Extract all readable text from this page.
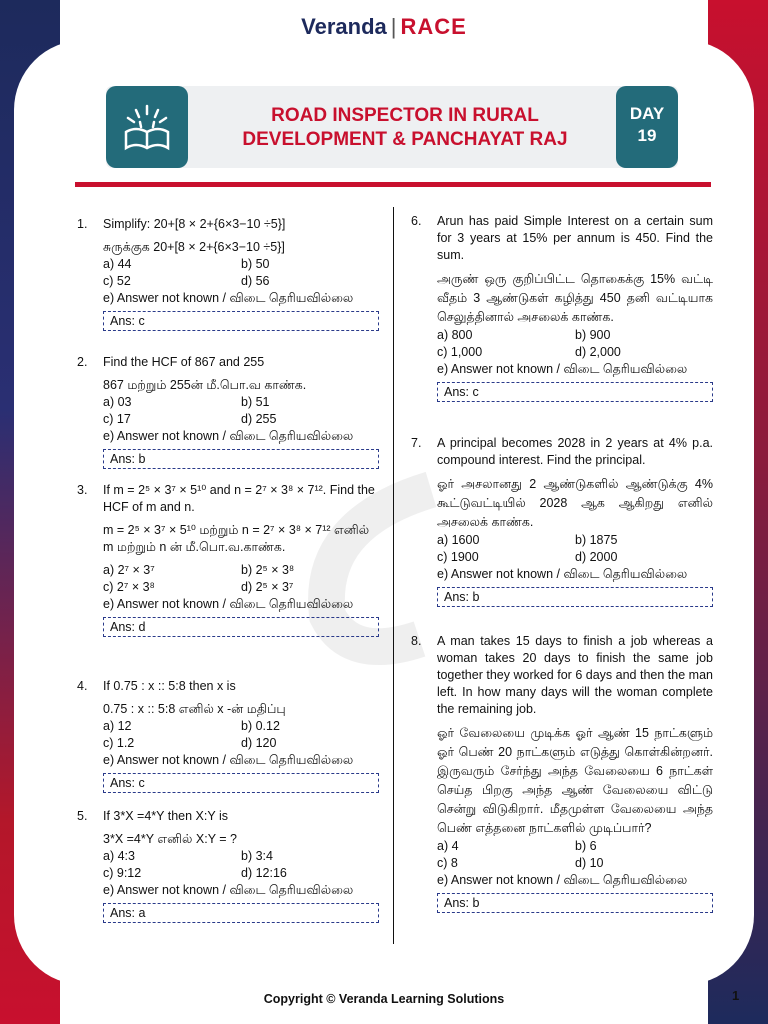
Veranda | RACE
ROAD INSPECTOR IN RURAL
DEVELOPMENT & PANCHAYAT RAJ
DAY
19
1. Simplify: 20+[8 × 2+{6×3−10 ÷5}]
சுருக்குக 20+[8 × 2+{6×3−10 ÷5}]
a) 44	b) 50
c) 52	d) 56
e) Answer not known / விடை தெரியவில்லை
Ans: c
2. Find the HCF of 867 and 255
867 மற்றும் 255ன் மீ.பொ.வ காண்க.
a) 03	b) 51
c) 17	d) 255
e) Answer not known / விடை தெரியவில்லை
Ans: b
3. If m = 2⁵ × 3⁷ × 5¹⁰ and n = 2⁷ × 3⁸ × 7¹². Find the HCF of m and n.
m = 2⁵ × 3⁷ × 5¹⁰ மற்றும் n = 2⁷ × 3⁸ × 7¹² எனில் m மற்றும் n ன் மீ.பொ.வ.காண்க.
a) 2⁷ × 3⁷	b) 2⁵ × 3⁸
c) 2⁷ × 3⁸	d) 2⁵ × 3⁷
e) Answer not known / விடை தெரியவில்லை
Ans: d
4. If 0.75 : x :: 5:8 then x is
0.75 : x :: 5:8 எனில் x -ன் மதிப்பு
a) 12	b) 0.12
c) 1.2	d) 120
e) Answer not known / விடை தெரியவில்லை
Ans: c
5. If 3*X =4*Y then X:Y is
3*X =4*Y எனில் X:Y = ?
a) 4:3	b) 3:4
c) 9:12	d) 12:16
e) Answer not known / விடை தெரியவில்லை
Ans: a
6. Arun has paid Simple Interest on a certain sum for 3 years at 15% per annum is 450. Find the sum.
அருண் ஒரு குறிப்பிட்ட தொகைக்கு 15% வட்டி வீதம் 3 ஆண்டுகள் கழித்து 450 தனி வட்டியாக செலுத்தினால் அசலைக் காண்க.
a) 800	b) 900
c) 1,000	d) 2,000
e) Answer not known / விடை தெரியவில்லை
Ans: c
7. A principal becomes 2028 in 2 years at 4% p.a. compound interest. Find the principal.
ஓர் அசலானது 2 ஆண்டுகளில் ஆண்டுக்கு 4% கூட்டுவட்டியில் 2028 ஆக ஆகிறது எனில் அசலைக் காண்க.
a) 1600	b) 1875
c) 1900	d) 2000
e) Answer not known / விடை தெரியவில்லை
Ans: b
8. A man takes 15 days to finish a job whereas a woman takes 20 days to finish the same job together they worked for 6 days and then the man left. In how many days will the woman complete the remaining job.
ஓர் வேலையை முடிக்க ஓர் ஆண் 15 நாட்களும் ஓர் பெண் 20 நாட்களும் எடுத்து கொள்கின்றனர். இருவரும் சேர்ந்து அந்த வேலையை 6 நாட்கள் செய்த பிறகு அந்த ஆண் வேலையை விட்டு சென்று விடுகிறார். மீதமுள்ள வேலையை அந்த பெண் எத்தனை நாட்களில் முடிப்பார்?
a) 4	b) 6
c) 8	d) 10
e) Answer not known / விடை தெரியவில்லை
Ans: b
Copyright © Veranda Learning Solutions	1
